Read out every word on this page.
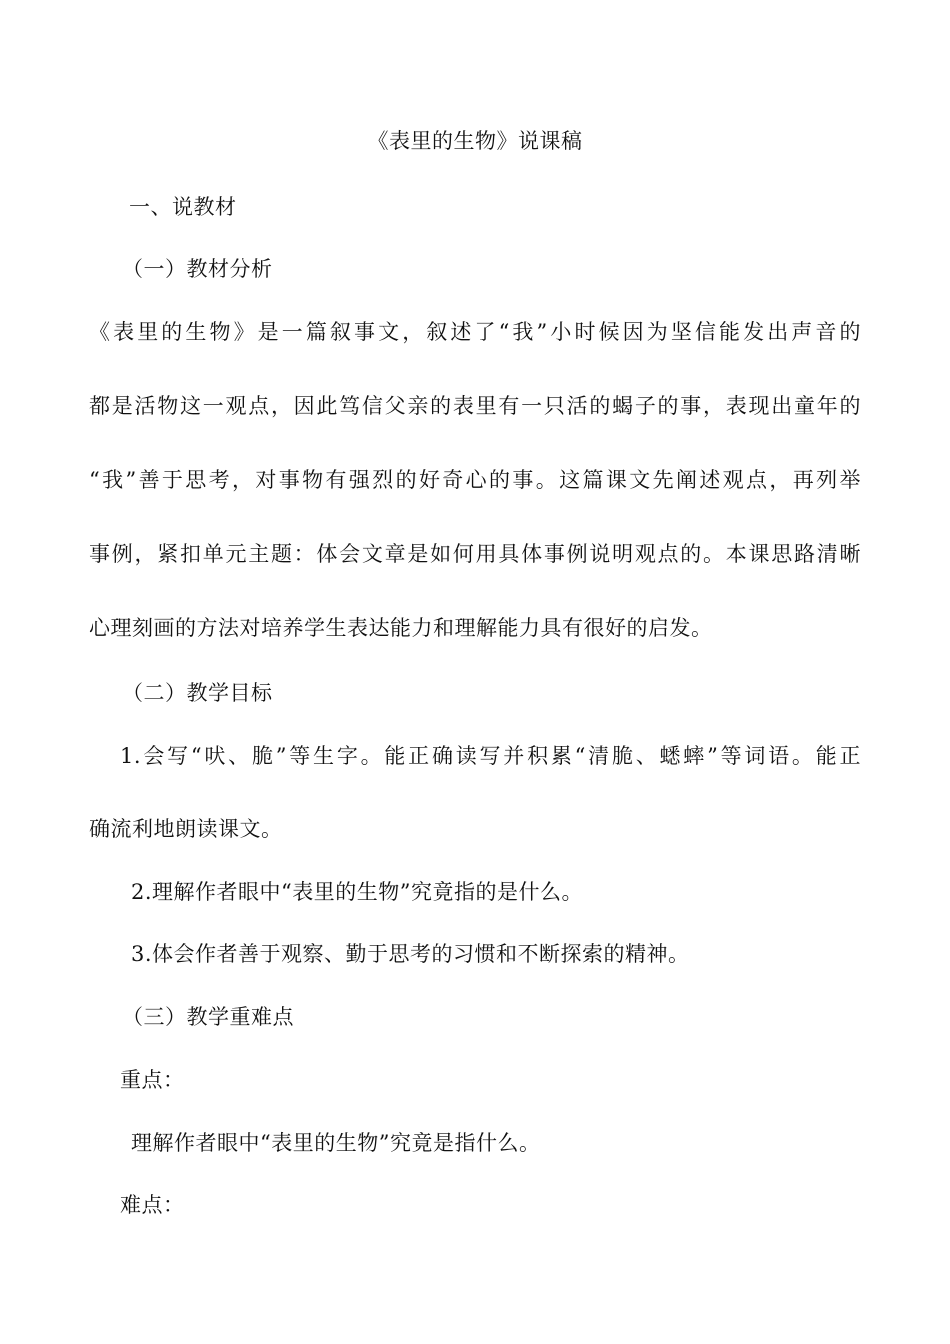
《表里的生物》说课稿
一、说教材
（一）教材分析
《表里的生物》是一篇叙事文，叙述了“我”小时候因为坚信能发出声音的
都是活物这一观点，因此笃信父亲的表里有一只活的蝎子的事，表现出童年的
“我”善于思考，对事物有强烈的好奇心的事。这篇课文先阐述观点，再列举
事例，紧扣单元主题：体会文章是如何用具体事例说明观点的。本课思路清晰
心理刻画的方法对培养学生表达能力和理解能力具有很好的启发。
（二）教学目标
1.会写“吠、脆”等生字。能正确读写并积累“清脆、蟋蟀”等词语。能正
确流利地朗读课文。
2.理解作者眼中“表里的生物”究竟指的是什么。
3.体会作者善于观察、勤于思考的习惯和不断探索的精神。
（三）教学重难点
重点：
理解作者眼中“表里的生物”究竟是指什么。
难点：
